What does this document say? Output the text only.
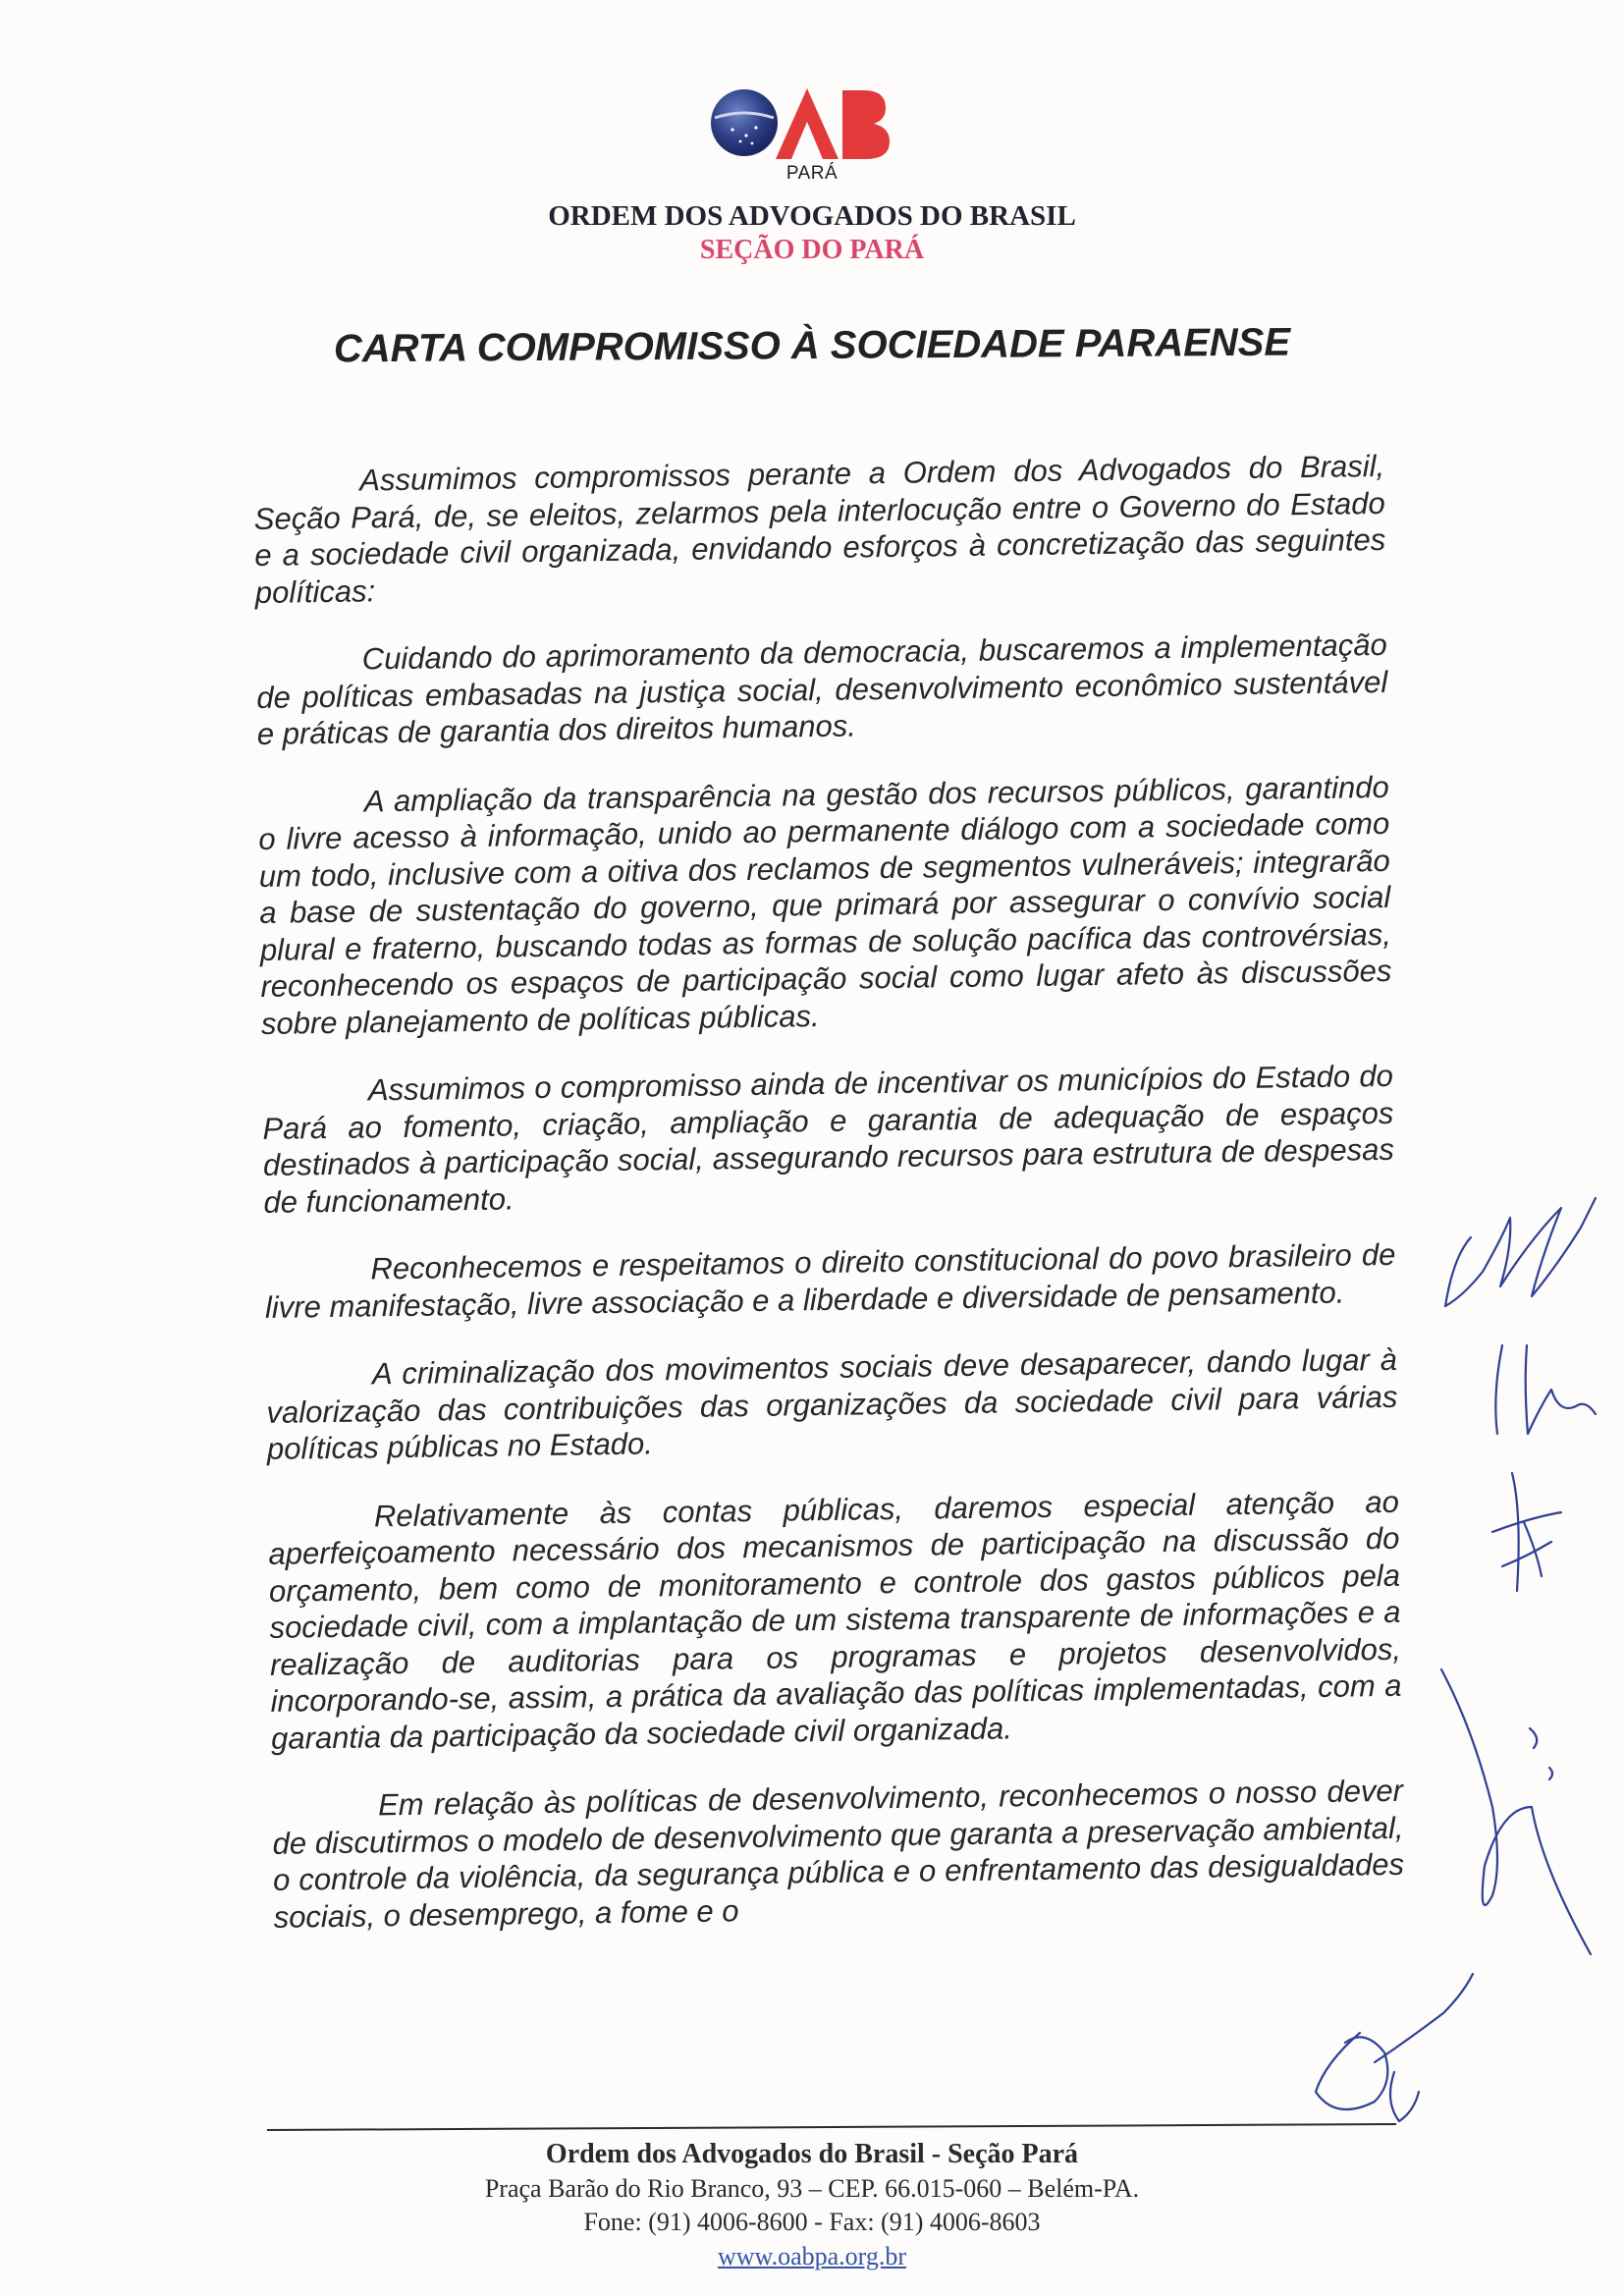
PARÁ
ORDEM DOS ADVOGADOS DO BRASIL
SEÇÃO DO PARÁ
CARTA COMPROMISSO À SOCIEDADE PARAENSE

Assumimos compromissos perante a Ordem dos Advogados do Brasil, Seção Pará, de, se eleitos, zelarmos pela interlocução entre o Governo do Estado e a sociedade civil organizada, envidando esforços à concretização das seguintes políticas:

Cuidando do aprimoramento da democracia, buscaremos a implementação de políticas embasadas na justiça social, desenvolvimento econômico sustentável e práticas de garantia dos direitos humanos.

A ampliação da transparência na gestão dos recursos públicos, garantindo o livre acesso à informação, unido ao permanente diálogo com a sociedade como um todo, inclusive com a oitiva dos reclamos de segmentos vulneráveis; integrarão a base de sustentação do governo, que primará por assegurar o convívio social plural e fraterno, buscando todas as formas de solução pacífica das controvérsias, reconhecendo os espaços de participação social como lugar afeto às discussões sobre planejamento de políticas públicas.

Assumimos o compromisso ainda de incentivar os municípios do Estado do Pará ao fomento, criação, ampliação e garantia de adequação de espaços destinados à participação social, assegurando recursos para estrutura de despesas de funcionamento.

Reconhecemos e respeitamos o direito constitucional do povo brasileiro de livre manifestação, livre associação e a liberdade e diversidade de pensamento.

A criminalização dos movimentos sociais deve desaparecer, dando lugar à valorização das contribuições das organizações da sociedade civil para várias políticas públicas no Estado.

Relativamente às contas públicas, daremos especial atenção ao aperfeiçoamento necessário dos mecanismos de participação na discussão do orçamento, bem como de monitoramento e controle dos gastos públicos pela sociedade civil, com a implantação de um sistema transparente de informações e a realização de auditorias para os programas e projetos desenvolvidos, incorporando-se, assim, a prática da avaliação das políticas implementadas, com a garantia da participação da sociedade civil organizada.

Em relação às políticas de desenvolvimento, reconhecemos o nosso dever de discutirmos o modelo de desenvolvimento que garanta a preservação ambiental, o controle da violência, da segurança pública e o enfrentamento das desigualdades sociais, o desemprego, a fome e o

Ordem dos Advogados do Brasil - Seção Pará
Praça Barão do Rio Branco, 93 – CEP. 66.015-060 – Belém-PA.
Fone: (91) 4006-8600 - Fax: (91) 4006-8603
www.oabpa.org.br
